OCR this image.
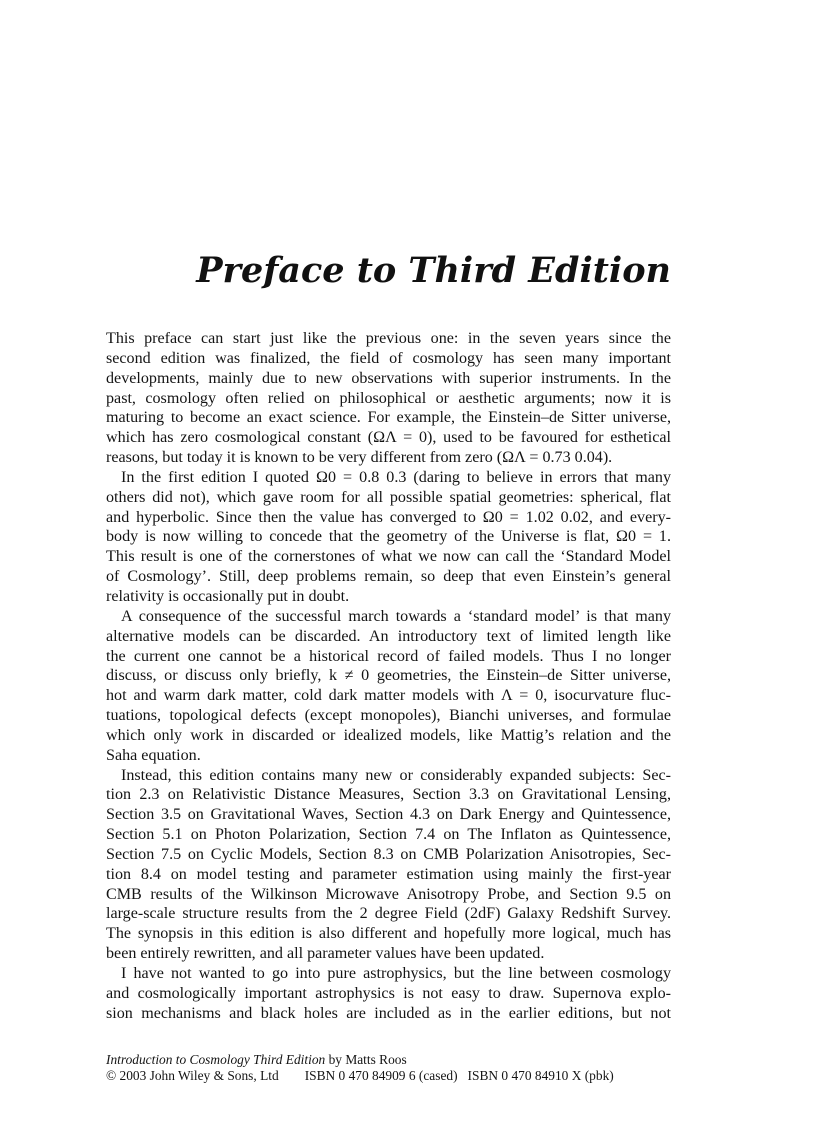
Preface to Third Edition
This preface can start just like the previous one: in the seven years since the
second edition was finalized, the field of cosmology has seen many important
developments, mainly due to new observations with superior instruments. In the
past, cosmology often relied on philosophical or aesthetic arguments; now it is
maturing to become an exact science. For example, the Einstein–de Sitter universe,
which has zero cosmological constant (ΩΛ = 0), used to be favoured for esthetical
reasons, but today it is known to be very different from zero (ΩΛ = 0.73 0.04).
In the first edition I quoted Ω0 = 0.8 0.3 (daring to believe in errors that many
others did not), which gave room for all possible spatial geometries: spherical, flat
and hyperbolic. Since then the value has converged to Ω0 = 1.02 0.02, and every-
body is now willing to concede that the geometry of the Universe is flat, Ω0 = 1.
This result is one of the cornerstones of what we now can call the ‘Standard Model
of Cosmology’. Still, deep problems remain, so deep that even Einstein’s general
relativity is occasionally put in doubt.
A consequence of the successful march towards a ‘standard model’ is that many
alternative models can be discarded. An introductory text of limited length like
the current one cannot be a historical record of failed models. Thus I no longer
discuss, or discuss only briefly, k ≠ 0 geometries, the Einstein–de Sitter universe,
hot and warm dark matter, cold dark matter models with Λ = 0, isocurvature fluc-
tuations, topological defects (except monopoles), Bianchi universes, and formulae
which only work in discarded or idealized models, like Mattig’s relation and the
Saha equation.
Instead, this edition contains many new or considerably expanded subjects: Sec-
tion 2.3 on Relativistic Distance Measures, Section 3.3 on Gravitational Lensing,
Section 3.5 on Gravitational Waves, Section 4.3 on Dark Energy and Quintessence,
Section 5.1 on Photon Polarization, Section 7.4 on The Inflaton as Quintessence,
Section 7.5 on Cyclic Models, Section 8.3 on CMB Polarization Anisotropies, Sec-
tion 8.4 on model testing and parameter estimation using mainly the first-year
CMB results of the Wilkinson Microwave Anisotropy Probe, and Section 9.5 on
large-scale structure results from the 2 degree Field (2dF) Galaxy Redshift Survey.
The synopsis in this edition is also different and hopefully more logical, much has
been entirely rewritten, and all parameter values have been updated.
I have not wanted to go into pure astrophysics, but the line between cosmology
and cosmologically important astrophysics is not easy to draw. Supernova explo-
sion mechanisms and black holes are included as in the earlier editions, but not
Introduction to Cosmology Third Edition by Matts Roos
© 2003 John Wiley & Sons, Ltd ISBN 0 470 84909 6 (cased) ISBN 0 470 84910 X (pbk)
